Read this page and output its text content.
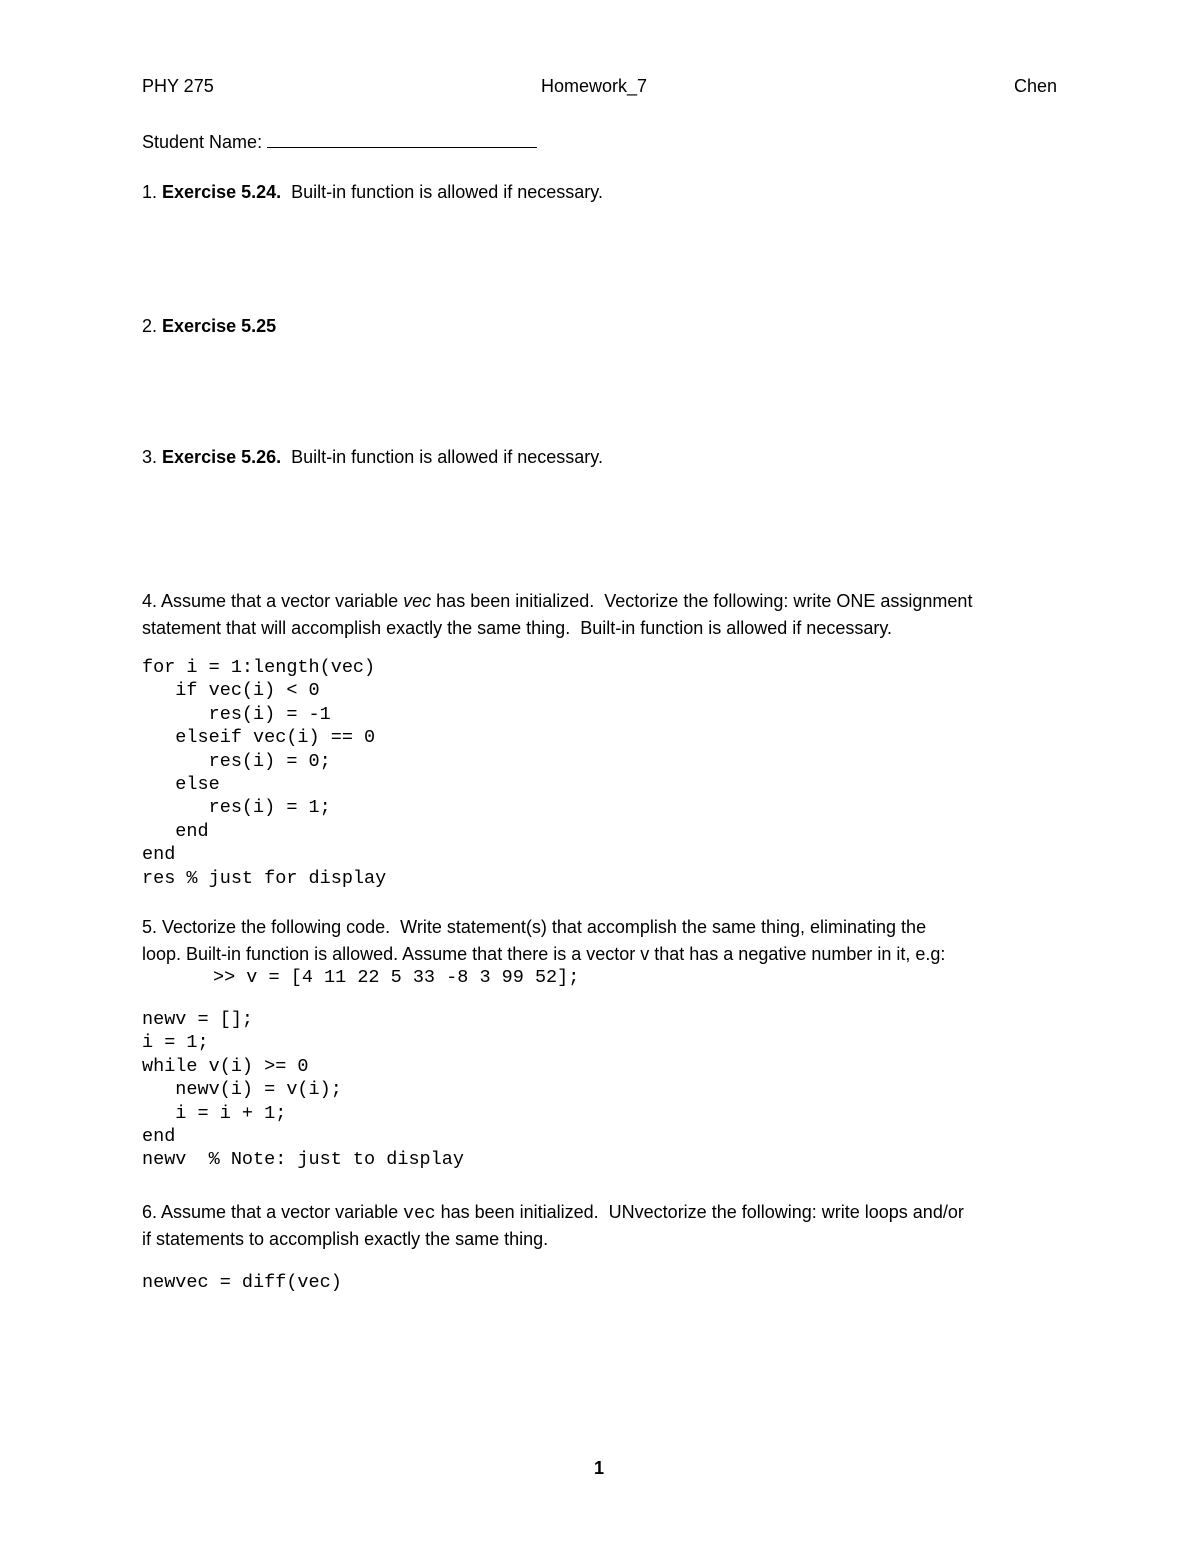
PHY 275	Homework_7	Chen
Student Name:
1. Exercise 5.24. Built-in function is allowed if necessary.
2. Exercise 5.25
3. Exercise 5.26. Built-in function is allowed if necessary.
4. Assume that a vector variable vec has been initialized.  Vectorize the following: write ONE assignment
statement that will accomplish exactly the same thing.  Built-in function is allowed if necessary.
for i = 1:length(vec)
if vec(i) < 0
res(i) = -1
elseif vec(i) == 0
res(i) = 0;
else
res(i) = 1;
end
end
res % just for display
5. Vectorize the following code.  Write statement(s) that accomplish the same thing, eliminating the
loop. Built-in function is allowed. Assume that there is a vector v that has a negative number in it, e.g:
>> v = [4 11 22 5 33 -8 3 99 52];
newv = [];
i = 1;
while v(i) >= 0
newv(i) = v(i);
i = i + 1;
end
newv  % Note: just to display
6. Assume that a vector variable vec has been initialized.  UNvectorize the following: write loops and/or
if statements to accomplish exactly the same thing.
newvec = diff(vec)
1
